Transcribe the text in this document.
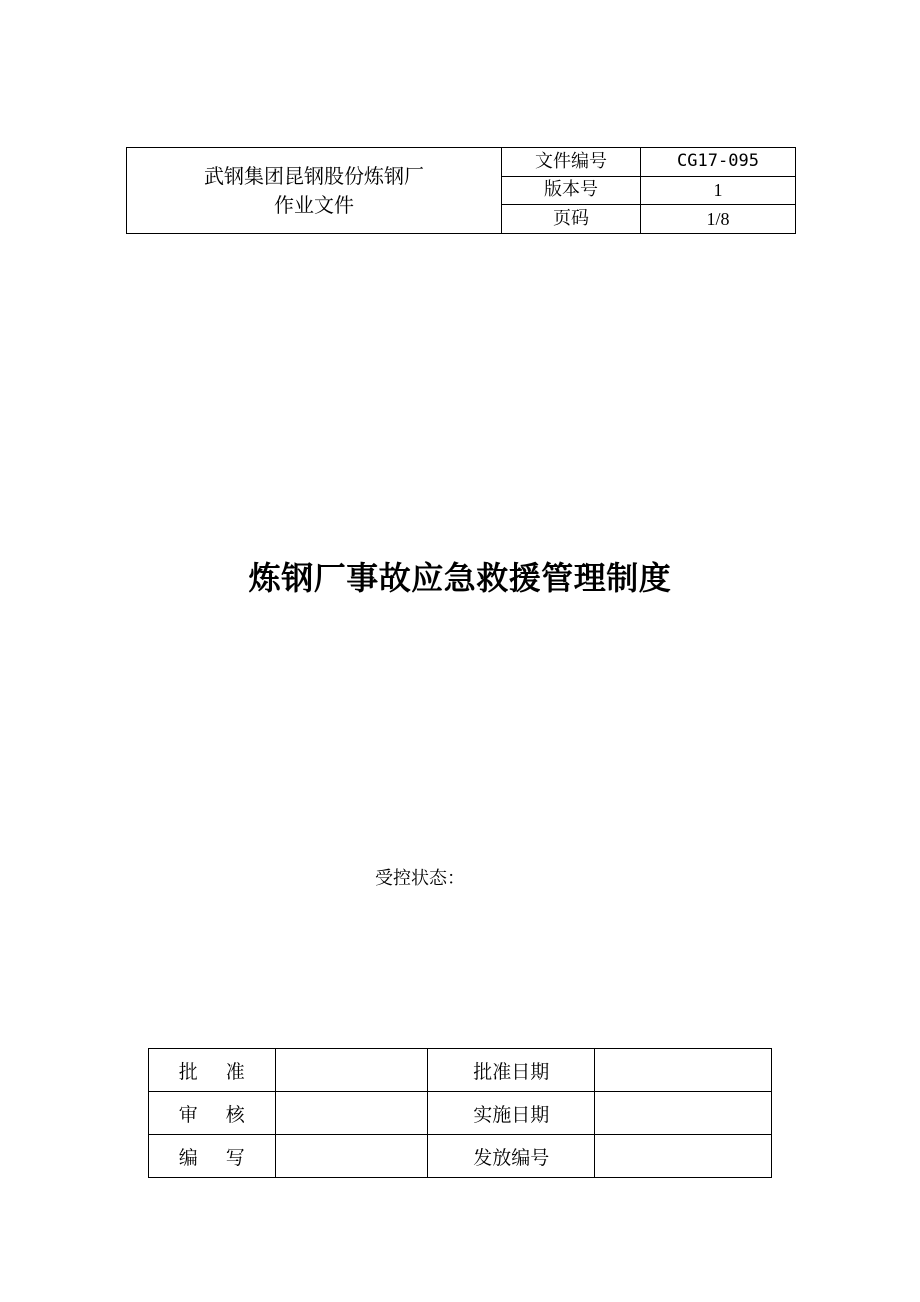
武钢集团昆钢股份炼钢厂
作业文件	文件编号	CG17-095
	版本号	1
	页码	1/8
炼钢厂事故应急救援管理制度
受控状态：
批 准		批准日期	
审 核		实施日期	
编 写		发放编号	
